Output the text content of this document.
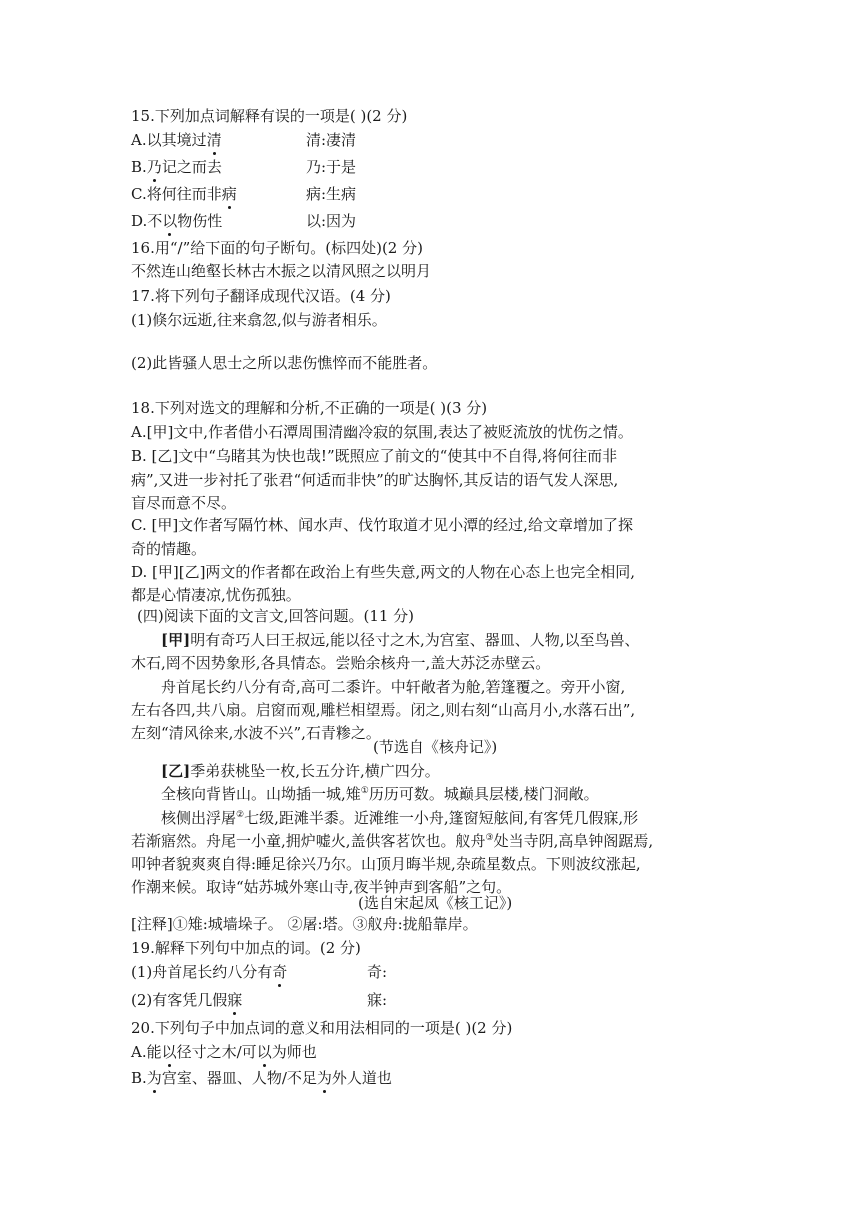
15.下列加点词解释有误的一项是( )(2 分)
A.以其境过清	清:凄清
B.乃记之而去	乃:于是
C.将何往而非病	病:生病
D.不以物伤性	以:因为
16.用“/”给下面的句子断句。(标四处)(2 分)
不然连山绝壑长林古木振之以清风照之以明月
17.将下列句子翻译成现代汉语。(4 分)
(1)倏尔远逝,往来翕忽,似与游者相乐。
(2)此皆骚人思士之所以悲伤憔悴而不能胜者。
18.下列对选文的理解和分析,不正确的一项是( )(3 分)
A.[甲]文中,作者借小石潭周围清幽冷寂的氛围,表达了被贬流放的忧伤之情。
B. [乙]文中“乌睹其为快也哉!”既照应了前文的“使其中不自得,将何往而非
病”,又进一步衬托了张君“何适而非快”的旷达胸怀,其反诘的语气发人深思,
盲尽而意不尽。
C. [甲]文作者写隔竹林、闻水声、伐竹取道才见小潭的经过,给文章增加了探
奇的情趣。
D. [甲][乙]两文的作者都在政治上有些失意,两文的人物在心态上也完全相同,
都是心情凄凉,忧伤孤独。
(四)阅读下面的文言文,回答问题。(11 分)
[甲]明有奇巧人曰王叔远,能以径寸之木,为宫室、器皿、人物,以至鸟兽、
木石,罔不因势象形,各具情态。尝贻余核舟一,盖大苏泛赤壁云。
舟首尾长约八分有奇,高可二黍许。中轩敞者为舱,箬篷覆之。旁开小窗,
左右各四,共八扇。启窗而观,雕栏相望焉。闭之,则右刻“山高月小,水落石出”,
左刻“清风徐来,水波不兴”,石青糁之。
(节选自《核舟记》)
[乙]季弟获桃坠一枚,长五分许,横广四分。
全核向背皆山。山坳插一城,雉①历历可数。城巅具层楼,楼门洞敞。
核侧出浮屠②七级,距滩半黍。近滩维一小舟,篷窗短舷间,有客凭几假寐,形
若渐寤然。舟尾一小童,拥炉嘘火,盖供客茗饮也。舣舟③处当寺阴,高阜钟阁踞焉,
叩钟者貌爽爽自得:睡足徐兴乃尔。山顶月晦半规,杂疏星数点。下则波纹涨起,
作潮来候。取诗“姑苏城外寒山寺,夜半钟声到客船”之句。
(选自宋起凤《核工记》)
[注释]①雉:城墙垛子。 ②屠:塔。③舣舟:拢船靠岸。
19.解释下列句中加点的词。(2 分)
(1)舟首尾长约八分有奇	奇:
(2)有客凭几假寐	寐:
20.下列句子中加点词的意义和用法相同的一项是( )(2 分)
A.能以径寸之木/可以为师也
B.为宫室、器皿、人物/不足为外人道也
